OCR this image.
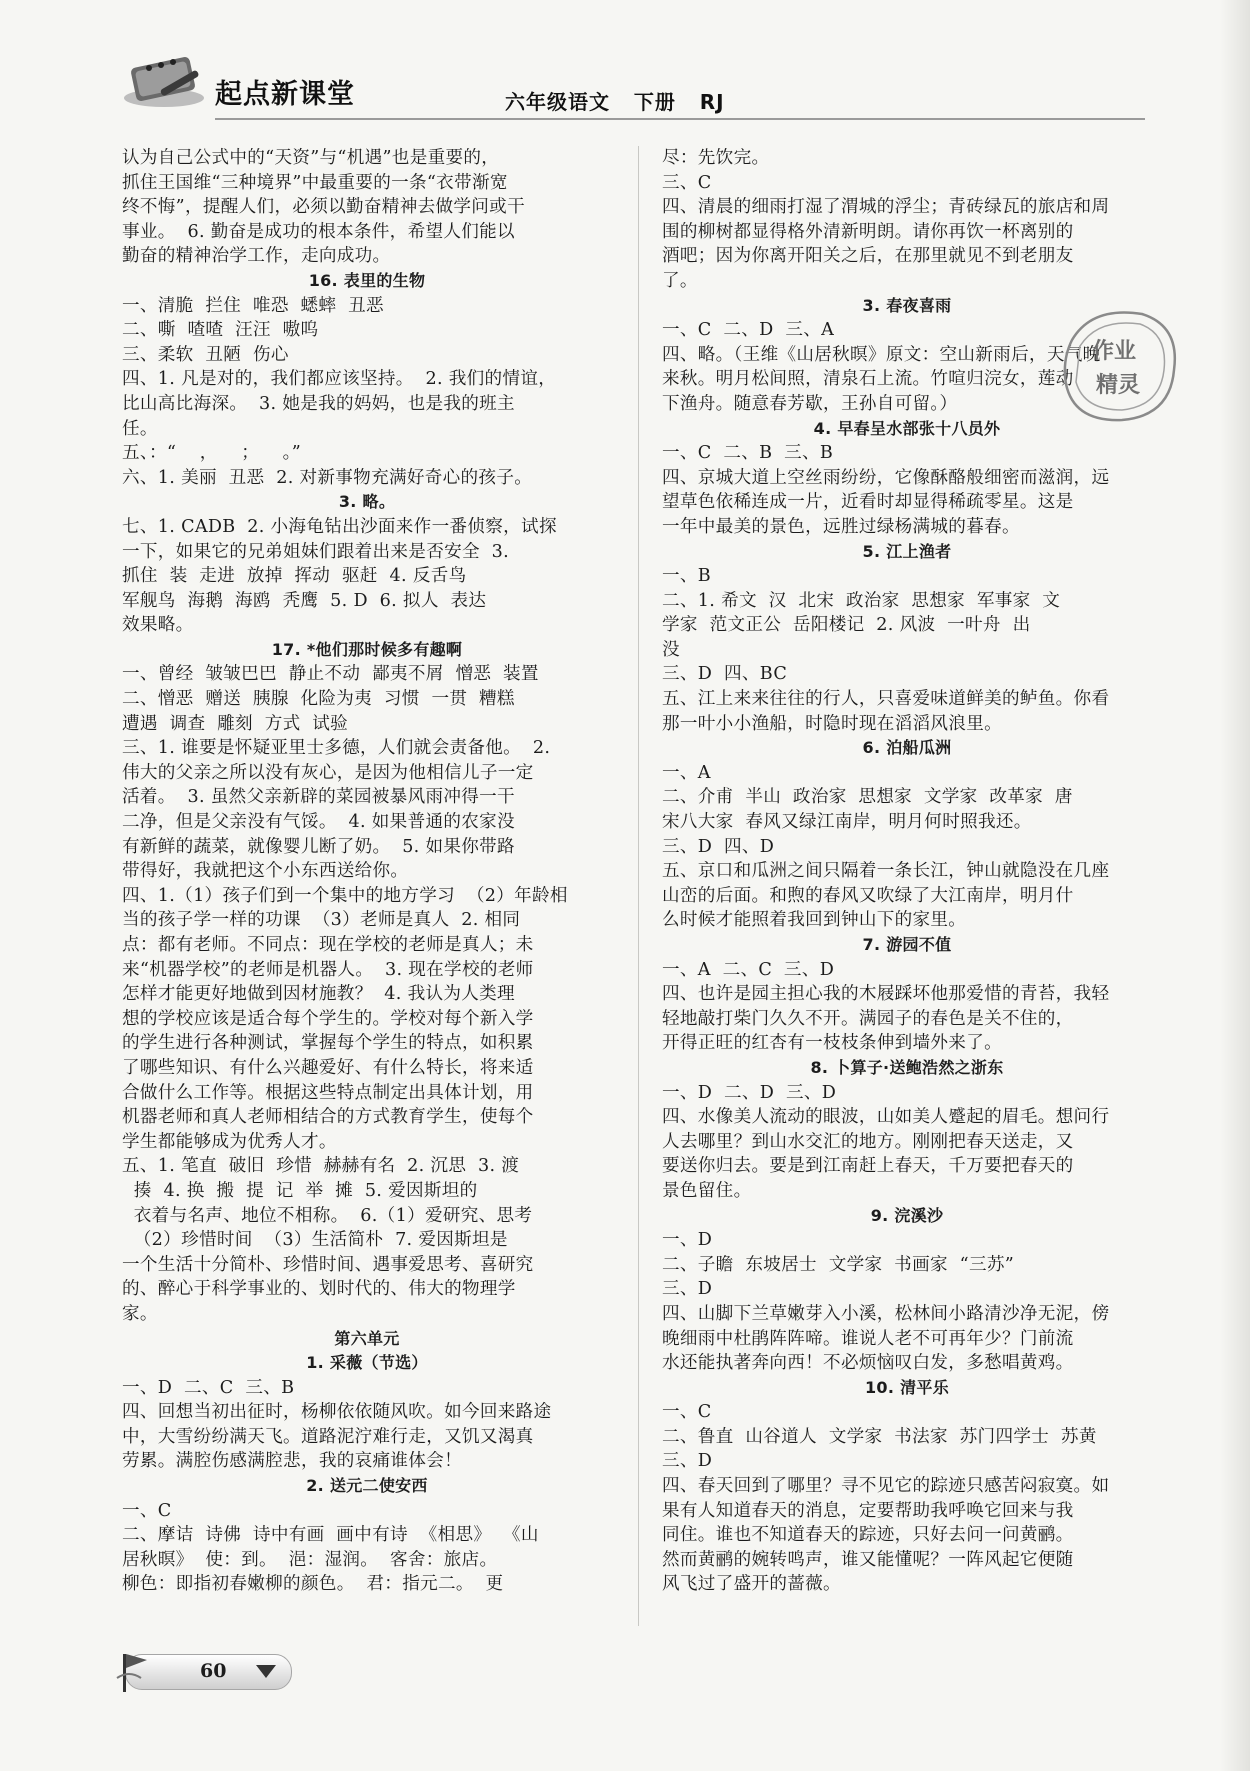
起点新课堂	六年级语文   下册   RJ
认为自己公式中的“天资”与“机遇”也是重要的，
抓住王国维“三种境界”中最重要的一条“衣带渐宽
终不悔”，提醒人们，必须以勤奋精神去做学问或干
事业。  6. 勤奋是成功的根本条件，希望人们能以
勤奋的精神治学工作，走向成功。
16. 表里的生物
一、清脆  拦住  唯恐  蟋蟀  丑恶
二、嘶  喳喳  汪汪  嗷呜
三、柔软  丑陋  伤心
四、1. 凡是对的，我们都应该坚持。  2. 我们的情谊，
比山高比海深。  3. 她是我的妈妈，也是我的班主
任。
五、：“    ，    ；    。”
六、1. 美丽  丑恶  2. 对新事物充满好奇心的孩子。
3. 略。
七、1. CADB  2. 小海龟钻出沙面来作一番侦察，试探
一下，如果它的兄弟姐妹们跟着出来是否安全  3.
抓住  装  走进  放掉  挥动  驱赶  4. 反舌鸟
军舰鸟  海鹅  海鸥  秃鹰  5. D  6. 拟人  表达
效果略。
17. *他们那时候多有趣啊
一、曾经  皱皱巴巴  静止不动  鄙夷不屑  憎恶  装置
二、憎恶  赠送  胰腺  化险为夷  习惯  一贯  糟糕
遭遇  调查  雕刻  方式  试验
三、1. 谁要是怀疑亚里士多德，人们就会责备他。  2.
伟大的父亲之所以没有灰心，是因为他相信儿子一定
活着。  3. 虽然父亲新辟的菜园被暴风雨冲得一干
二净，但是父亲没有气馁。  4. 如果普通的农家没
有新鲜的蔬菜，就像婴儿断了奶。  5. 如果你带路
带得好，我就把这个小东西送给你。
四、1.（1）孩子们到一个集中的地方学习  （2）年龄相
当的孩子学一样的功课  （3）老师是真人  2. 相同
点：都有老师。不同点：现在学校的老师是真人；未
来“机器学校”的老师是机器人。  3. 现在学校的老师
怎样才能更好地做到因材施教？  4. 我认为人类理
想的学校应该是适合每个学生的。学校对每个新入学
的学生进行各种测试，掌握每个学生的特点，如积累
了哪些知识、有什么兴趣爱好、有什么特长，将来适
合做什么工作等。根据这些特点制定出具体计划，用
机器老师和真人老师相结合的方式教育学生，使每个
学生都能够成为优秀人才。
五、1. 笔直  破旧  珍惜  赫赫有名  2. 沉思  3. 渡
揍  4. 换  搬  提  记  举  摊  5. 爱因斯坦的
衣着与名声、地位不相称。  6.（1）爱研究、思考
（2）珍惜时间  （3）生活简朴  7. 爱因斯坦是
一个生活十分简朴、珍惜时间、遇事爱思考、喜研究
的、醉心于科学事业的、划时代的、伟大的物理学
家。
第六单元
1. 采薇（节选）
一、D  二、C  三、B
四、回想当初出征时，杨柳依依随风吹。如今回来路途
中，大雪纷纷满天飞。道路泥泞难行走，又饥又渴真
劳累。满腔伤感满腔悲，我的哀痛谁体会！
2. 送元二使安西
一、C
二、摩诘  诗佛  诗中有画  画中有诗  《相思》  《山
居秋暝》  使：到。  浥：湿润。  客舍：旅店。
柳色：即指初春嫩柳的颜色。  君：指元二。  更
尽：先饮完。
三、C
四、清晨的细雨打湿了渭城的浮尘；青砖绿瓦的旅店和周
围的柳树都显得格外清新明朗。请你再饮一杯离别的
酒吧；因为你离开阳关之后，在那里就见不到老朋友
了。
3. 春夜喜雨
一、C  二、D  三、A
四、略。（王维《山居秋暝》原文：空山新雨后，天气晚
来秋。明月松间照，清泉石上流。竹喧归浣女，莲动
下渔舟。随意春芳歇，王孙自可留。）
4. 早春呈水部张十八员外
一、C  二、B  三、B
四、京城大道上空丝雨纷纷，它像酥酪般细密而滋润，远
望草色依稀连成一片，近看时却显得稀疏零星。这是
一年中最美的景色，远胜过绿杨满城的暮春。
5. 江上渔者
一、B
二、1. 希文  汉  北宋  政治家  思想家  军事家  文
学家  范文正公  岳阳楼记  2. 风波  一叶舟  出
没
三、D  四、BC
五、江上来来往往的行人，只喜爱味道鲜美的鲈鱼。你看
那一叶小小渔船，时隐时现在滔滔风浪里。
6. 泊船瓜洲
一、A
二、介甫  半山  政治家  思想家  文学家  改革家  唐
宋八大家  春风又绿江南岸，明月何时照我还。
三、D  四、D
五、京口和瓜洲之间只隔着一条长江，钟山就隐没在几座
山峦的后面。和煦的春风又吹绿了大江南岸，明月什
么时候才能照着我回到钟山下的家里。
7. 游园不值
一、A  二、C  三、D
四、也许是园主担心我的木屐踩坏他那爱惜的青苔，我轻
轻地敲打柴门久久不开。满园子的春色是关不住的，
开得正旺的红杏有一枝枝条伸到墙外来了。
8. 卜算子·送鲍浩然之浙东
一、D  二、D  三、D
四、水像美人流动的眼波，山如美人蹙起的眉毛。想问行
人去哪里？到山水交汇的地方。刚刚把春天送走，又
要送你归去。要是到江南赶上春天，千万要把春天的
景色留住。
9. 浣溪沙
一、D
二、子瞻  东坡居士  文学家  书画家  “三苏”
三、D
四、山脚下兰草嫩芽入小溪，松林间小路清沙净无泥，傍
晚细雨中杜鹃阵阵啼。谁说人老不可再年少？门前流
水还能执著奔向西！不必烦恼叹白发，多愁唱黄鸡。
10. 清平乐
一、C
二、鲁直  山谷道人  文学家  书法家  苏门四学士  苏黄
三、D
四、春天回到了哪里？寻不见它的踪迹只感苦闷寂寞。如
果有人知道春天的消息，定要帮助我呼唤它回来与我
同住。谁也不知道春天的踪迹，只好去问一问黄鹂。
然而黄鹂的婉转鸣声，谁又能懂呢？一阵风起它便随
风飞过了盛开的蔷薇。
作业
精灵
60
